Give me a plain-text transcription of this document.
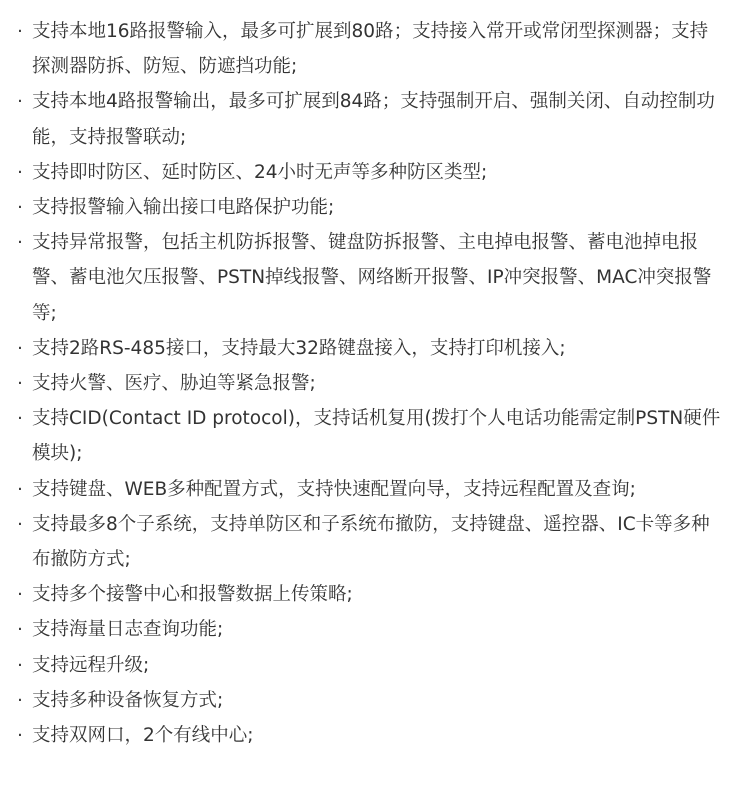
· 支持本地16路报警输入，最多可扩展到80路；支持接入常开或常闭型探测器；支持探测器防拆、防短、防遮挡功能;
· 支持本地4路报警输出，最多可扩展到84路；支持强制开启、强制关闭、自动控制功能，支持报警联动;
· 支持即时防区、延时防区、24小时无声等多种防区类型;
· 支持报警输入输出接口电路保护功能;
· 支持异常报警，包括主机防拆报警、键盘防拆报警、主电掉电报警、蓄电池掉电报警、蓄电池欠压报警、PSTN掉线报警、网络断开报警、IP冲突报警、MAC冲突报警等;
· 支持2路RS-485接口，支持最大32路键盘接入，支持打印机接入;
· 支持火警、医疗、胁迫等紧急报警;
· 支持CID(Contact ID protocol)，支持话机复用(拨打个人电话功能需定制PSTN硬件模块);
· 支持键盘、WEB多种配置方式，支持快速配置向导，支持远程配置及查询;
· 支持最多8个子系统，支持单防区和子系统布撤防，支持键盘、遥控器、IC卡等多种布撤防方式;
· 支持多个接警中心和报警数据上传策略;
· 支持海量日志查询功能;
· 支持远程升级;
· 支持多种设备恢复方式;
· 支持双网口，2个有线中心;
